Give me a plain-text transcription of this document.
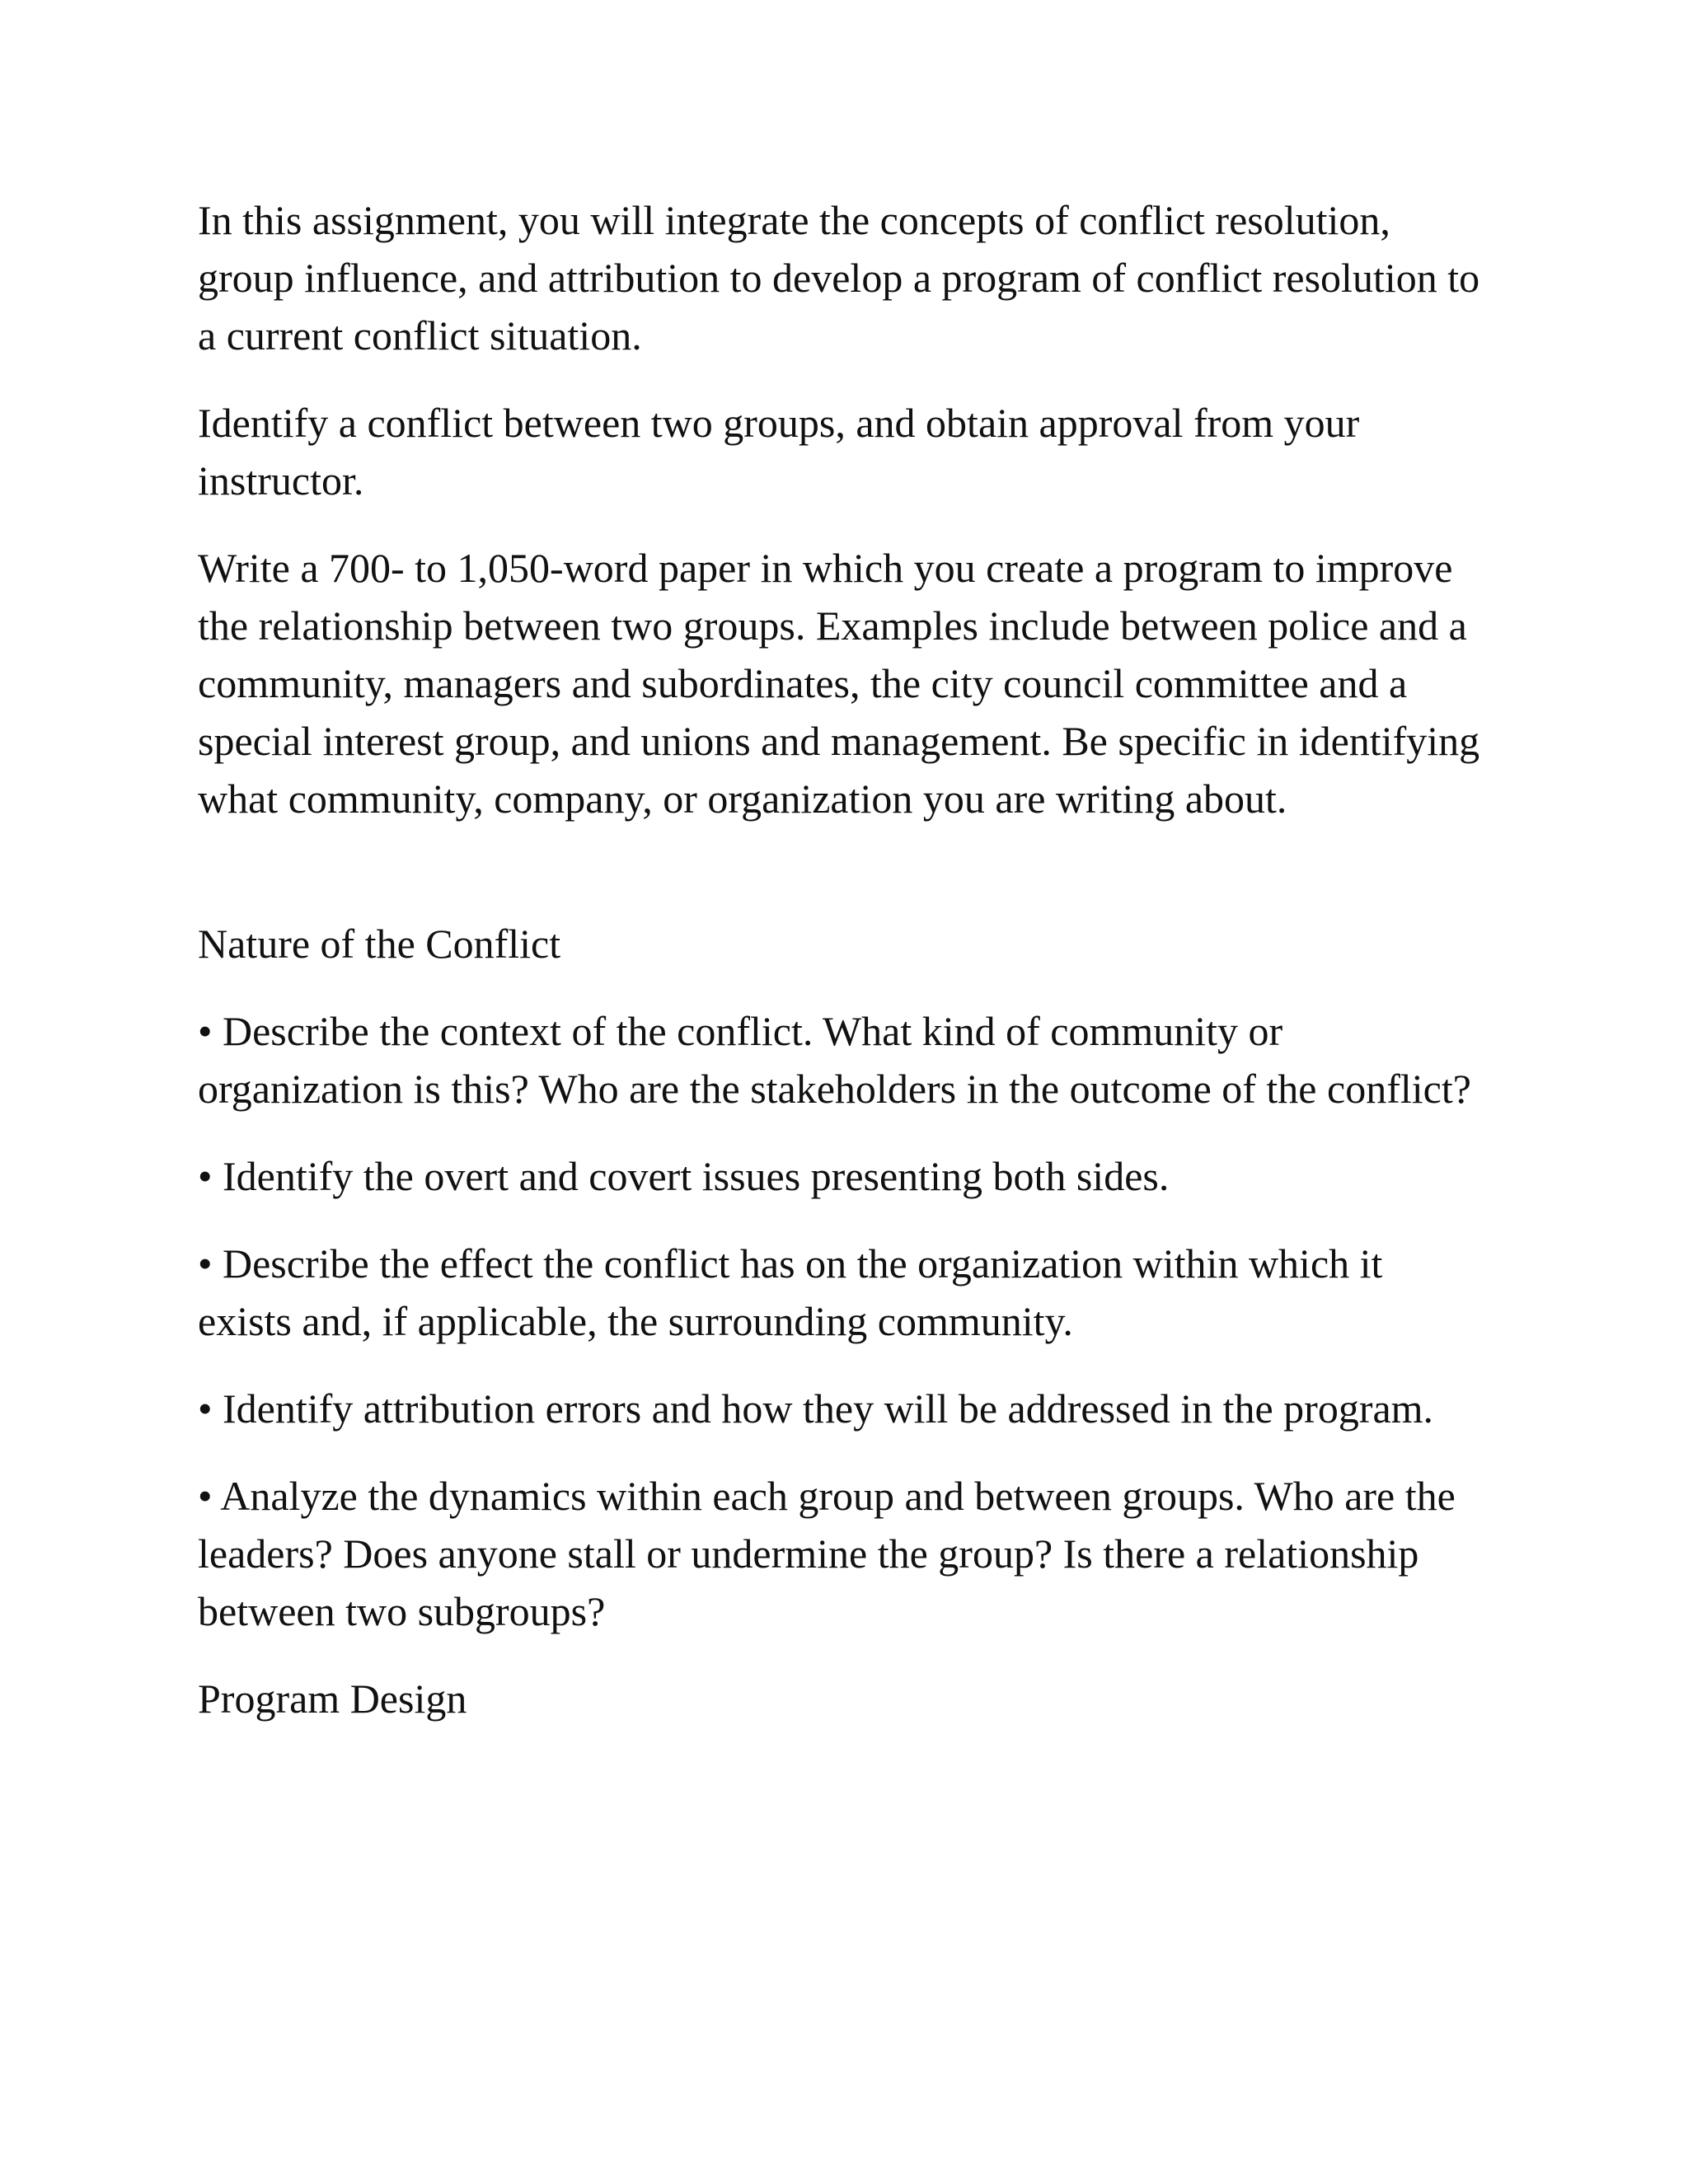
In this assignment, you will integrate the concepts of conflict resolution, group influence, and attribution to develop a program of conflict resolution to a current conflict situation.

Identify a conflict between two groups, and obtain approval from your instructor.

Write a 700- to 1,050-word paper in which you create a program to improve the relationship between two groups. Examples include between police and a community, managers and subordinates, the city council committee and a special interest group, and unions and management. Be specific in identifying what community, company, or organization you are writing about.

Nature of the Conflict

• Describe the context of the conflict. What kind of community or organization is this? Who are the stakeholders in the outcome of the conflict?

• Identify the overt and covert issues presenting both sides.

• Describe the effect the conflict has on the organization within which it exists and, if applicable, the surrounding community.

• Identify attribution errors and how they will be addressed in the program.

• Analyze the dynamics within each group and between groups. Who are the leaders? Does anyone stall or undermine the group? Is there a relationship between two subgroups?

Program Design
